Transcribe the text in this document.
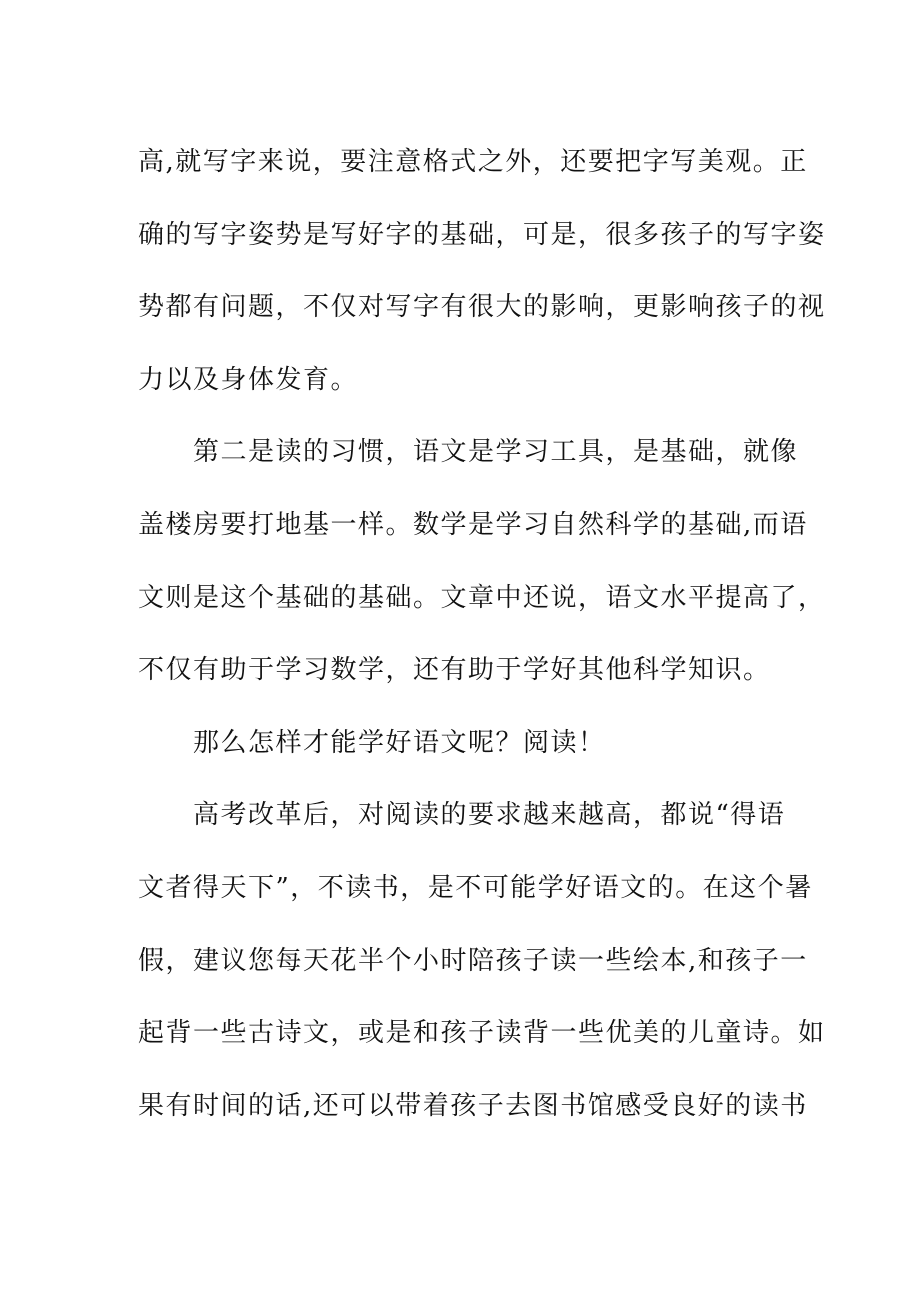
高,就写字来说，要注意格式之外，还要把字写美观。正
确的写字姿势是写好字的基础，可是，很多孩子的写字姿
势都有问题，不仅对写字有很大的影响，更影响孩子的视
力以及身体发育。
　　第二是读的习惯，语文是学习工具，是基础，就像
盖楼房要打地基一样。数学是学习自然科学的基础,而语
文则是这个基础的基础。文章中还说，语文水平提高了，
不仅有助于学习数学，还有助于学好其他科学知识。
　　那么怎样才能学好语文呢？阅读！
　　高考改革后，对阅读的要求越来越高，都说“得语
文者得天下”，不读书，是不可能学好语文的。在这个暑
假，建议您每天花半个小时陪孩子读一些绘本,和孩子一
起背一些古诗文，或是和孩子读背一些优美的儿童诗。如
果有时间的话,还可以带着孩子去图书馆感受良好的读书
